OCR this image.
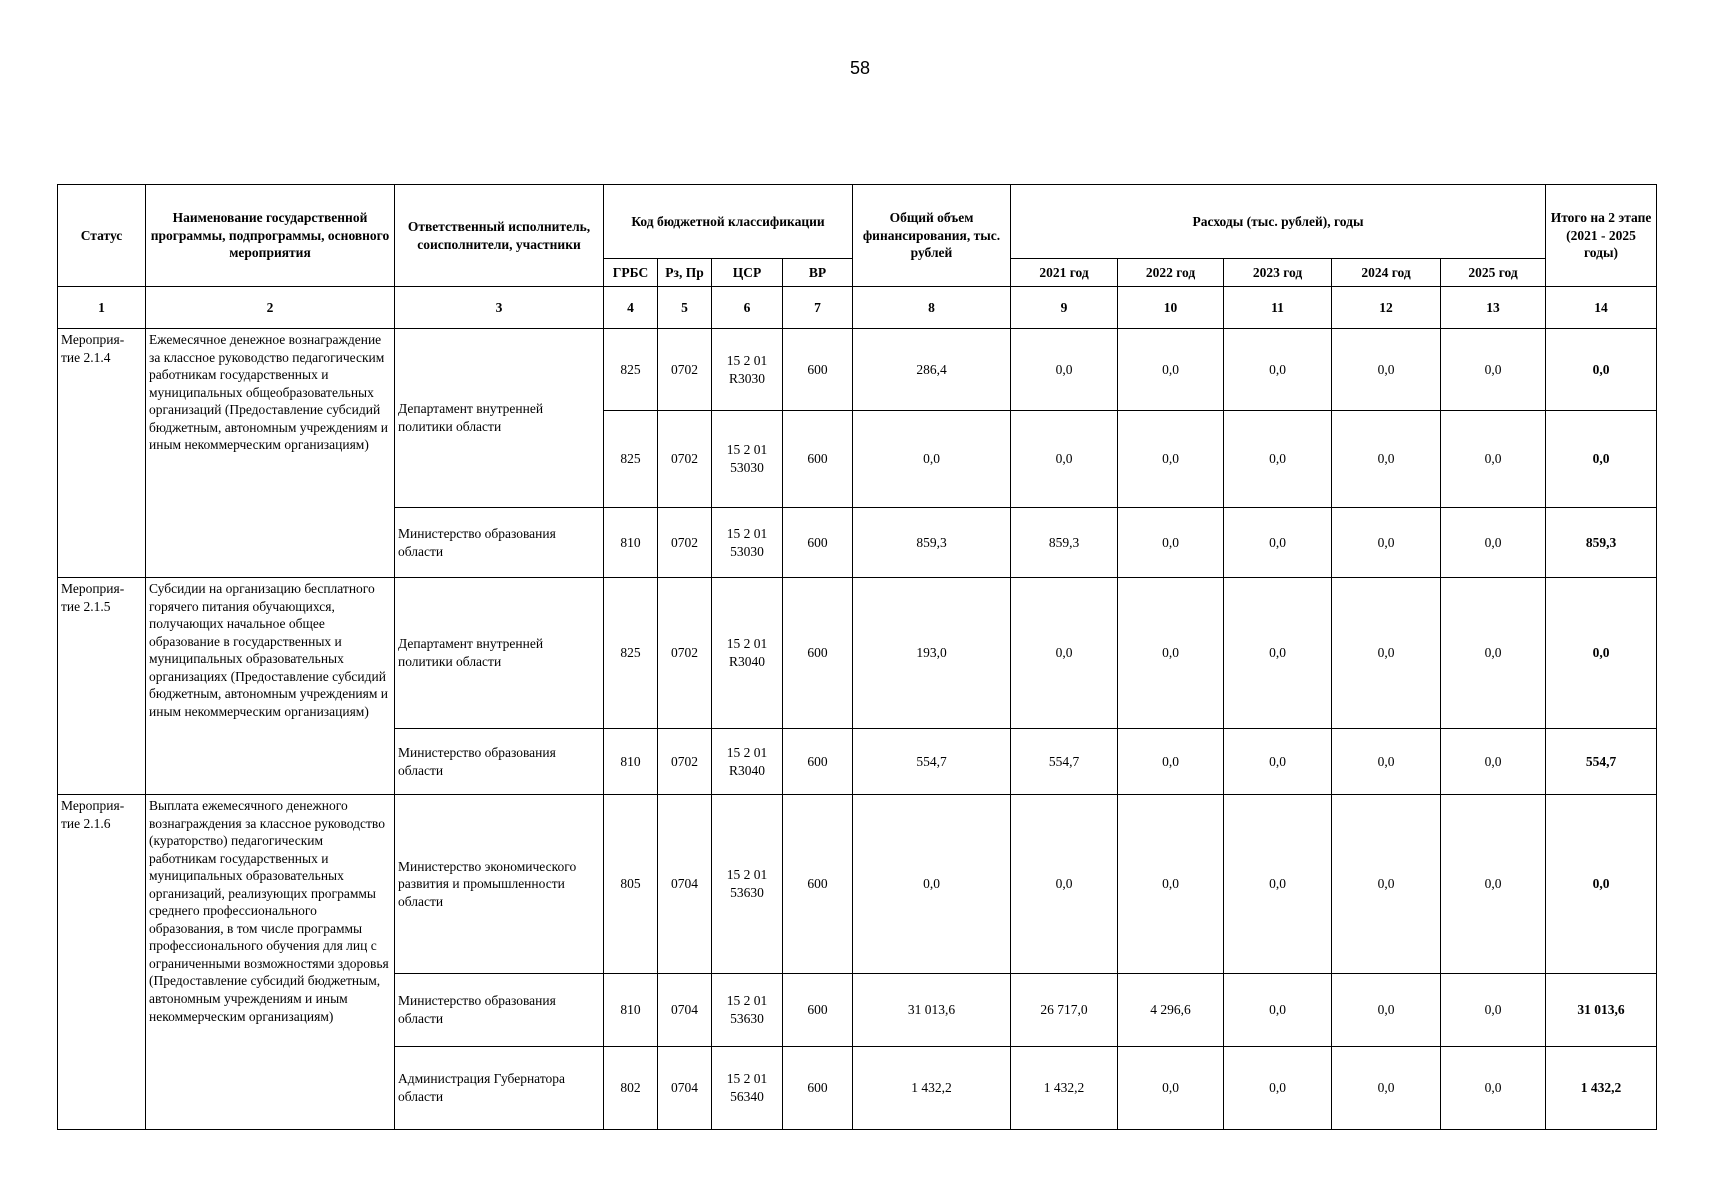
58
Статус	Наименование государственной программы, подпрограммы, основного мероприятия	Ответственный исполнитель, соисполнители, участники	Код бюджетной классификации				Общий объем финансирования, тыс. рублей	Расходы (тыс. рублей), годы					Итого на 2 этапе (2021 - 2025 годы)
			ГРБС	Рз, Пр	ЦСР	ВР		2021 год	2022 год	2023 год	2024 год	2025 год	
1	2	3	4	5	6	7	8	9	10	11	12	13	14
Мероприя-тие 2.1.4	Ежемесячное денежное вознаграждение за классное руководство педагогическим работникам государственных и муниципальных общеобразовательных организаций (Предоставление субсидий бюджетным, автономным учреждениям и иным некоммерческим организациям)	Департамент внутренней политики области	825	0702	15 2 01 R3030	600	286,4	0,0	0,0	0,0	0,0	0,0	0,0
			825	0702	15 2 01 53030	600	0,0	0,0	0,0	0,0	0,0	0,0	0,0
		Министерство образования области	810	0702	15 2 01 53030	600	859,3	859,3	0,0	0,0	0,0	0,0	859,3
Мероприя-тие 2.1.5	Субсидии на организацию бесплатного горячего питания обучающихся, получающих начальное общее образование в государственных и муниципальных образовательных организациях (Предоставление субсидий бюджетным, автономным учреждениям и иным некоммерческим организациям)	Департамент внутренней политики области	825	0702	15 2 01 R3040	600	193,0	0,0	0,0	0,0	0,0	0,0	0,0
		Министерство образования области	810	0702	15 2 01 R3040	600	554,7	554,7	0,0	0,0	0,0	0,0	554,7
Мероприя-тие 2.1.6	Выплата ежемесячного денежного вознаграждения за классное руководство (кураторство) педагогическим работникам государственных и муниципальных образовательных организаций, реализующих программы среднего профессионального образования, в том числе программы профессионального обучения для лиц с ограниченными возможностями здоровья (Предоставление субсидий бюджетным, автономным учреждениям и иным некоммерческим организациям)	Министерство экономического развития и промышленности области	805	0704	15 2 01 53630	600	0,0	0,0	0,0	0,0	0,0	0,0	0,0
		Министерство образования области	810	0704	15 2 01 53630	600	31 013,6	26 717,0	4 296,6	0,0	0,0	0,0	31 013,6
		Администрация Губернатора области	802	0704	15 2 01 56340	600	1 432,2	1 432,2	0,0	0,0	0,0	0,0	1 432,2
